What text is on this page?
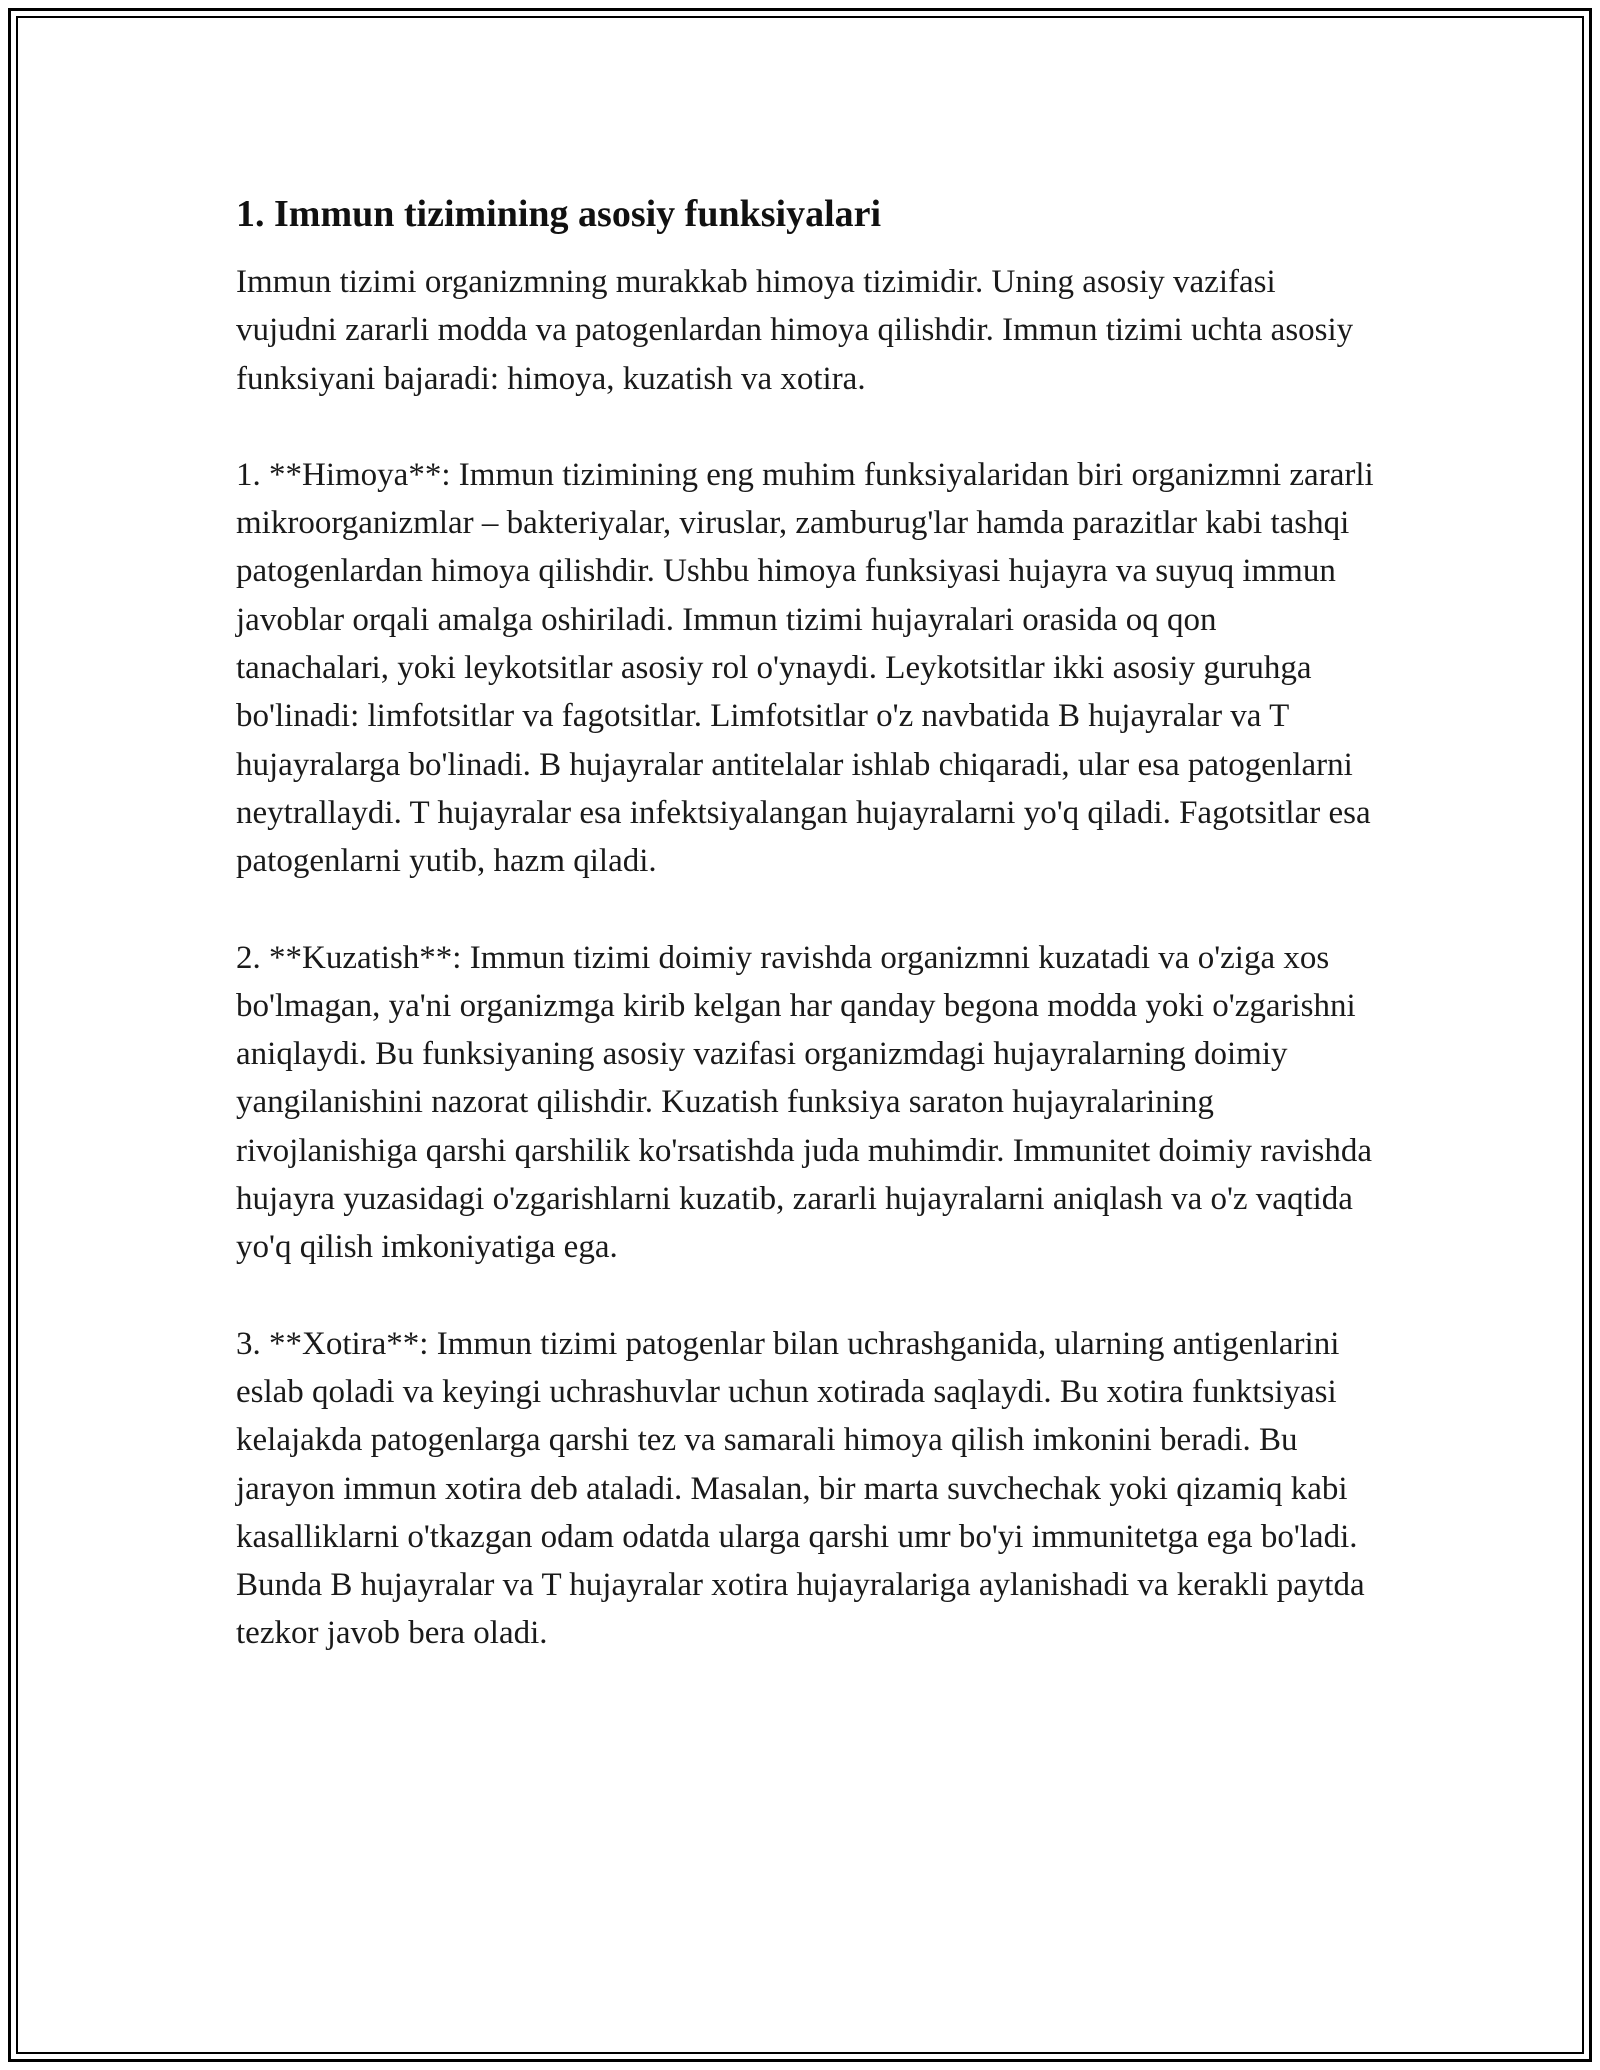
1. Immun tizimining asosiy funksiyalari

Immun tizimi organizmning murakkab himoya tizimidir. Uning asosiy vazifasi vujudni zararli modda va patogenlardan himoya qilishdir. Immun tizimi uchta asosiy funksiyani bajaradi: himoya, kuzatish va xotira.

1. **Himoya**: Immun tizimining eng muhim funksiyalaridan biri organizmni zararli mikroorganizmlar – bakteriyalar, viruslar, zamburug'lar hamda parazitlar kabi tashqi patogenlardan himoya qilishdir. Ushbu himoya funksiyasi hujayra va suyuq immun javoblar orqali amalga oshiriladi. Immun tizimi hujayralari orasida oq qon tanachalari, yoki leykotsitlar asosiy rol o'ynaydi. Leykotsitlar ikki asosiy guruhga bo'linadi: limfotsitlar va fagotsitlar. Limfotsitlar o'z navbatida B hujayralar va T hujayralarga bo'linadi. B hujayralar antitelalar ishlab chiqaradi, ular esa patogenlarni neytrallaydi. T hujayralar esa infektsiyalangan hujayralarni yo'q qiladi. Fagotsitlar esa patogenlarni yutib, hazm qiladi.

2. **Kuzatish**: Immun tizimi doimiy ravishda organizmni kuzatadi va o'ziga xos bo'lmagan, ya'ni organizmga kirib kelgan har qanday begona modda yoki o'zgarishni aniqlaydi. Bu funksiyaning asosiy vazifasi organizmdagi hujayralarning doimiy yangilanishini nazorat qilishdir. Kuzatish funksiya saraton hujayralarining rivojlanishiga qarshi qarshilik ko'rsatishda juda muhimdir. Immunitet doimiy ravishda hujayra yuzasidagi o'zgarishlarni kuzatib, zararli hujayralarni aniqlash va o'z vaqtida yo'q qilish imkoniyatiga ega.

3. **Xotira**: Immun tizimi patogenlar bilan uchrashganida, ularning antigenlarini eslab qoladi va keyingi uchrashuvlar uchun xotirada saqlaydi. Bu xotira funktsiyasi kelajakda patogenlarga qarshi tez va samarali himoya qilish imkonini beradi. Bu jarayon immun xotira deb ataladi. Masalan, bir marta suvchechak yoki qizamiq kabi kasalliklarni o'tkazgan odam odatda ularga qarshi umr bo'yi immunitetga ega bo'ladi. Bunda B hujayralar va T hujayralar xotira hujayralariga aylanishadi va kerakli paytda tezkor javob bera oladi.
